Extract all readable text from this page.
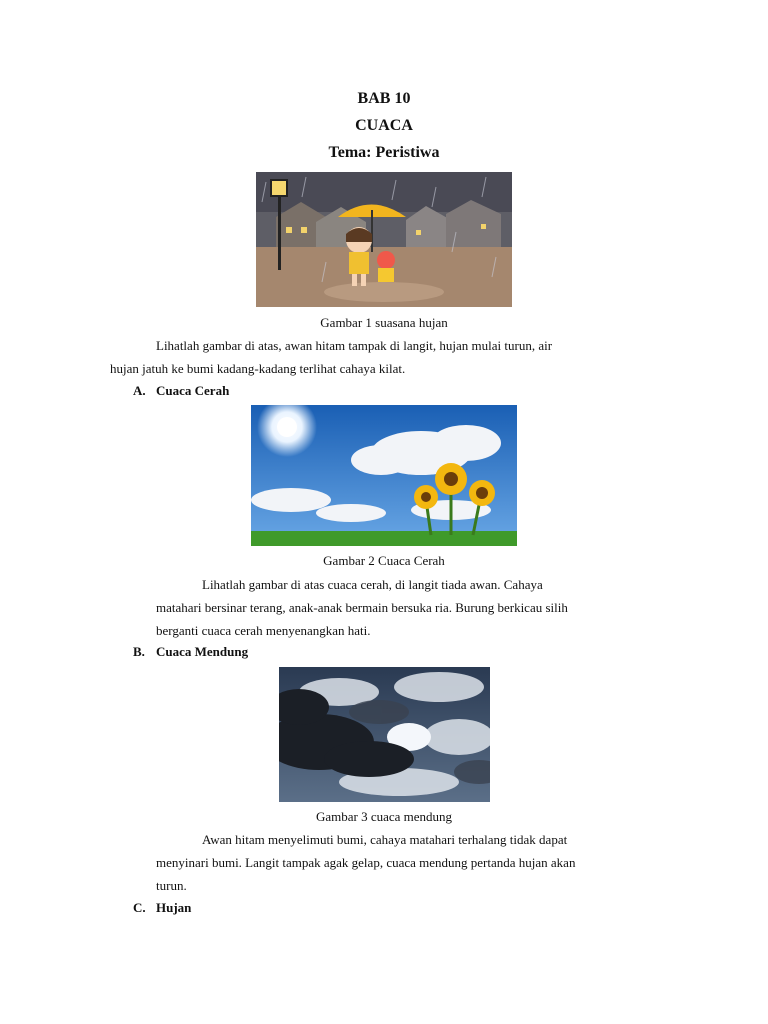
BAB 10
CUACA
Tema: Peristiwa
Gambar 1 suasana hujan
Lihatlah gambar di atas, awan hitam tampak di langit, hujan mulai turun, air
hujan jatuh ke bumi kadang-kadang terlihat cahaya kilat.
A. Cuaca Cerah
Gambar 2 Cuaca Cerah
Lihatlah gambar di atas cuaca cerah, di langit tiada awan. Cahaya
matahari bersinar terang, anak-anak bermain bersuka ria. Burung berkicau silih
berganti cuaca cerah menyenangkan hati.
B. Cuaca Mendung
Gambar 3 cuaca mendung
Awan hitam menyelimuti bumi, cahaya matahari terhalang tidak dapat
menyinari bumi. Langit tampak agak gelap, cuaca mendung pertanda hujan akan
turun.
C. Hujan
